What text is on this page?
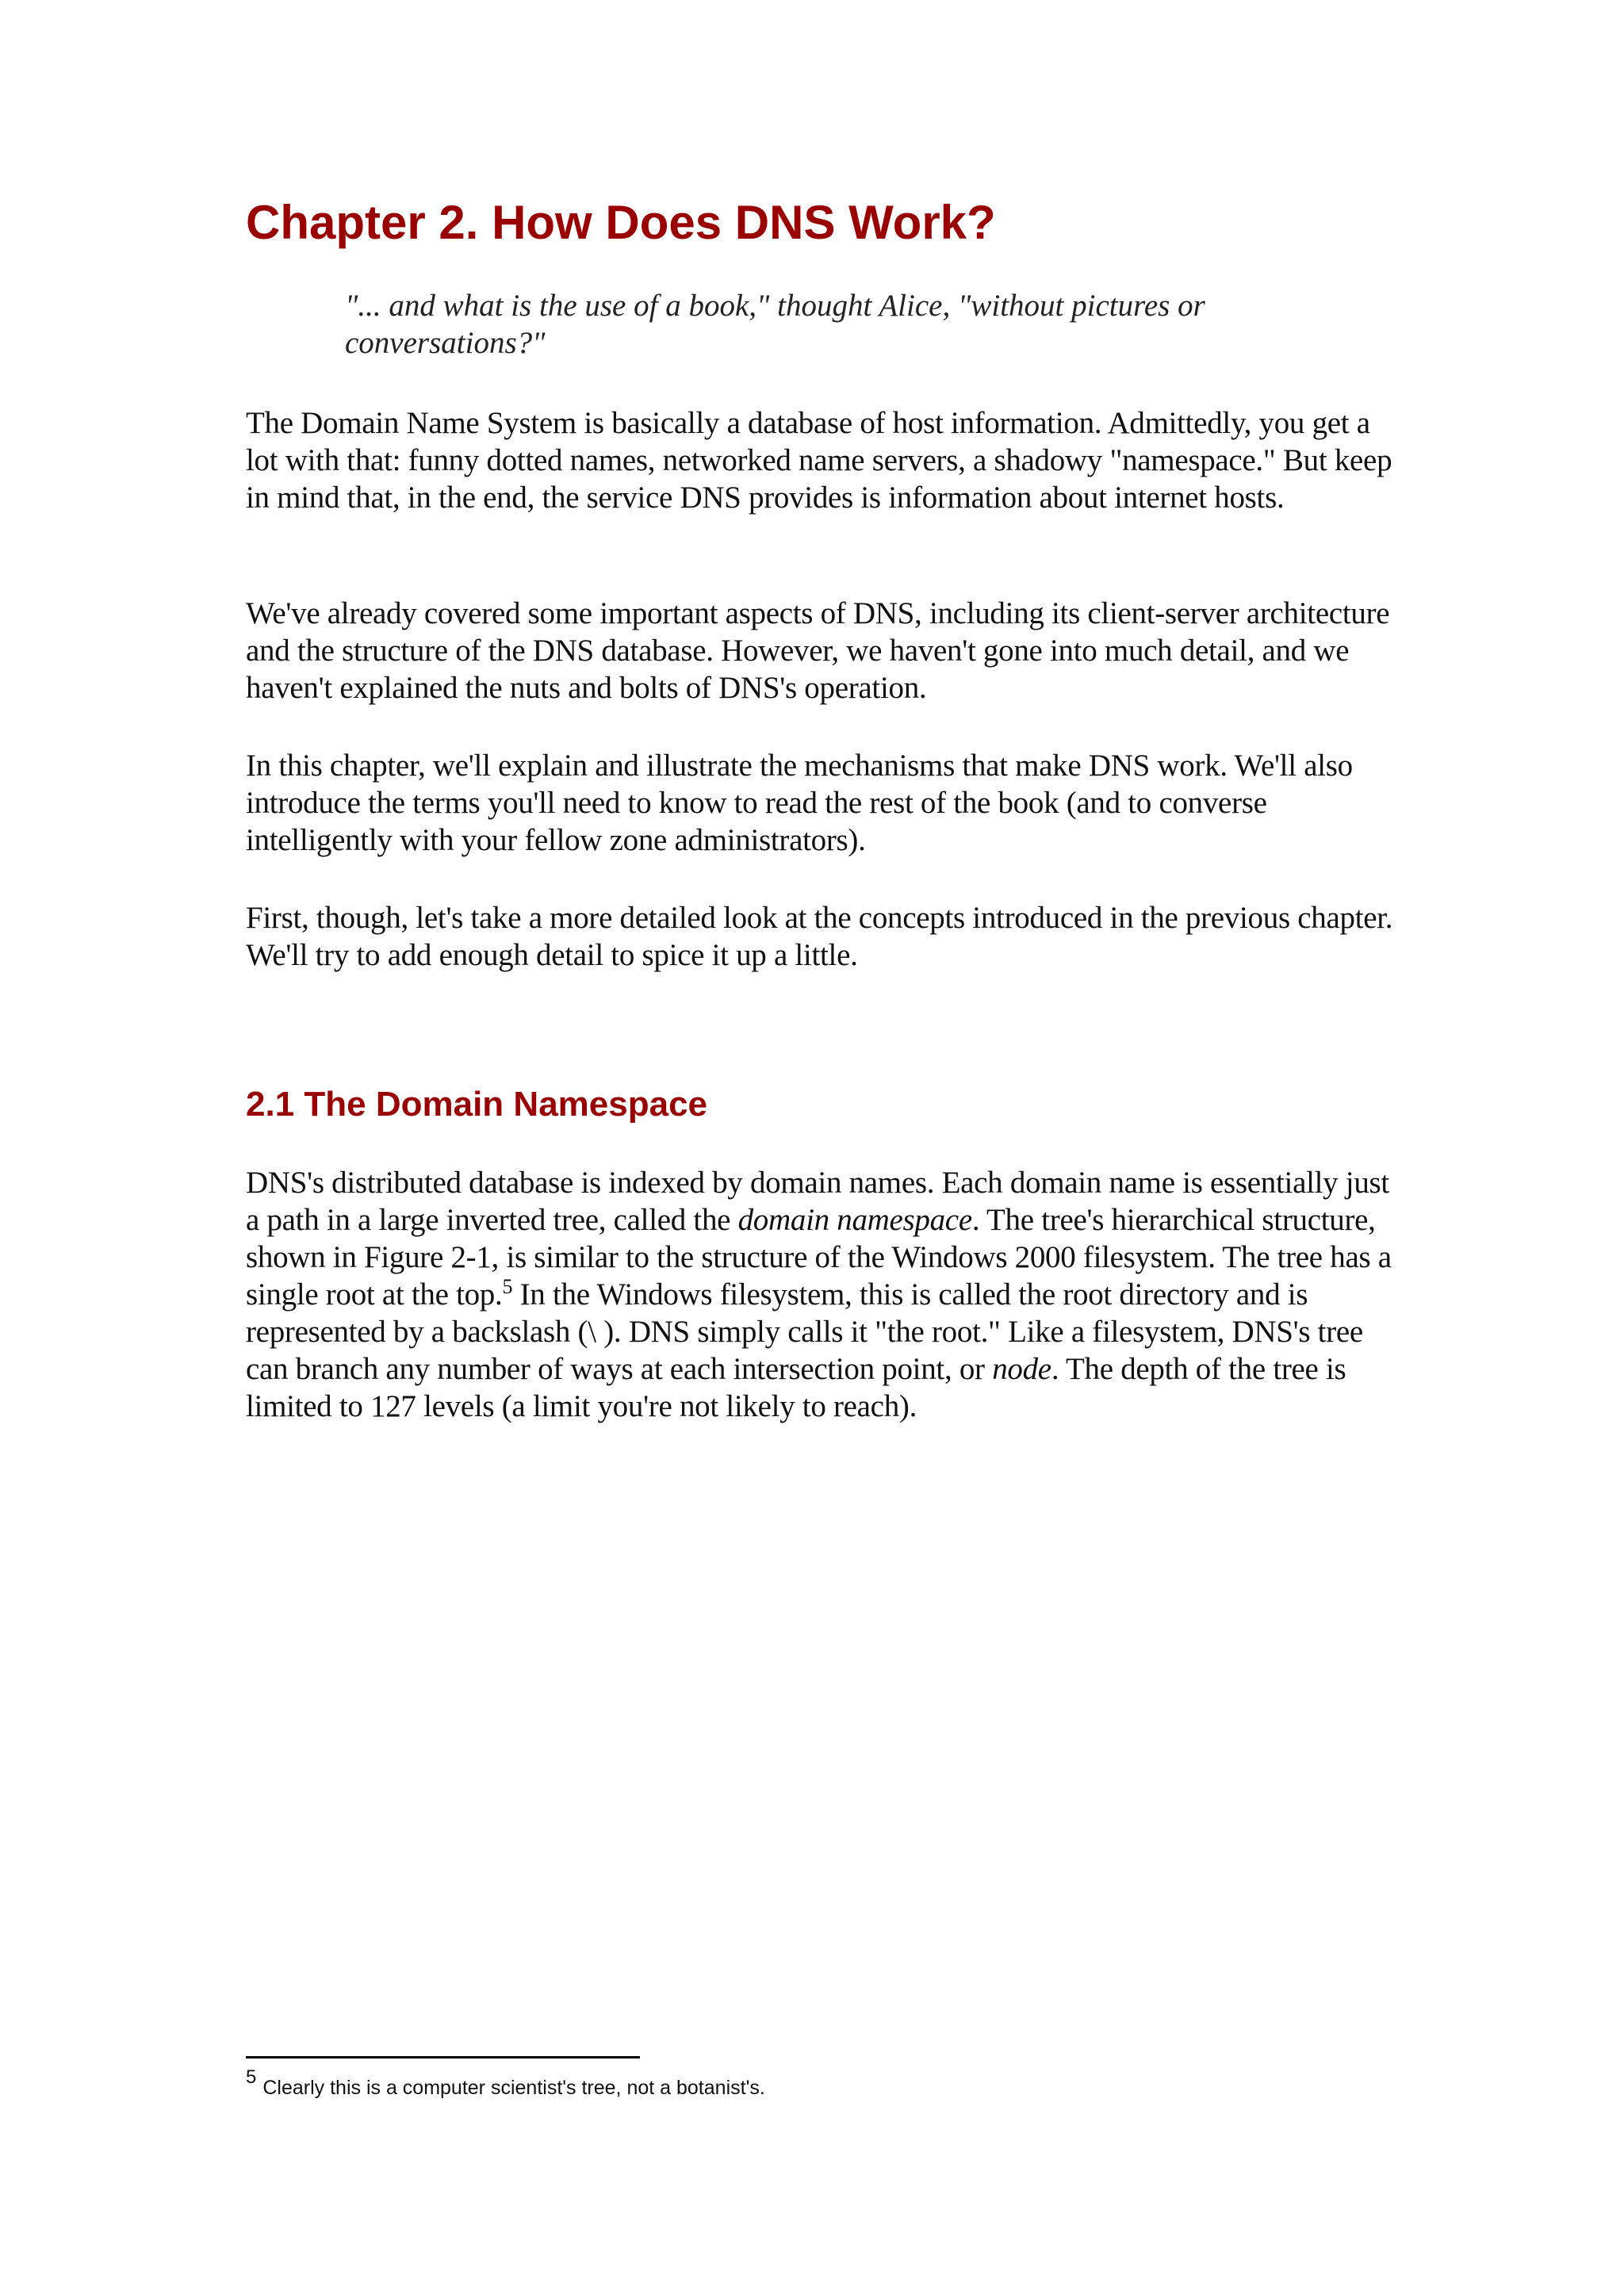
Chapter 2. How Does DNS Work?

"... and what is the use of a book," thought Alice, "without pictures or conversations?"

The Domain Name System is basically a database of host information. Admittedly, you get a lot with that: funny dotted names, networked name servers, a shadowy "namespace." But keep in mind that, in the end, the service DNS provides is information about internet hosts.

We've already covered some important aspects of DNS, including its client-server architecture and the structure of the DNS database. However, we haven't gone into much detail, and we haven't explained the nuts and bolts of DNS's operation.

In this chapter, we'll explain and illustrate the mechanisms that make DNS work. We'll also introduce the terms you'll need to know to read the rest of the book (and to converse intelligently with your fellow zone administrators).

First, though, let's take a more detailed look at the concepts introduced in the previous chapter. We'll try to add enough detail to spice it up a little.

2.1 The Domain Namespace

DNS's distributed database is indexed by domain names. Each domain name is essentially just a path in a large inverted tree, called the domain namespace. The tree's hierarchical structure, shown in Figure 2-1, is similar to the structure of the Windows 2000 filesystem. The tree has a single root at the top.$^5$ In the Windows filesystem, this is called the root directory and is represented by a backslash (\ ). DNS simply calls it "the root." Like a filesystem, DNS's tree can branch any number of ways at each intersection point, or node. The depth of the tree is limited to 127 levels (a limit you're not likely to reach).

5 Clearly this is a computer scientist's tree, not a botanist's.
